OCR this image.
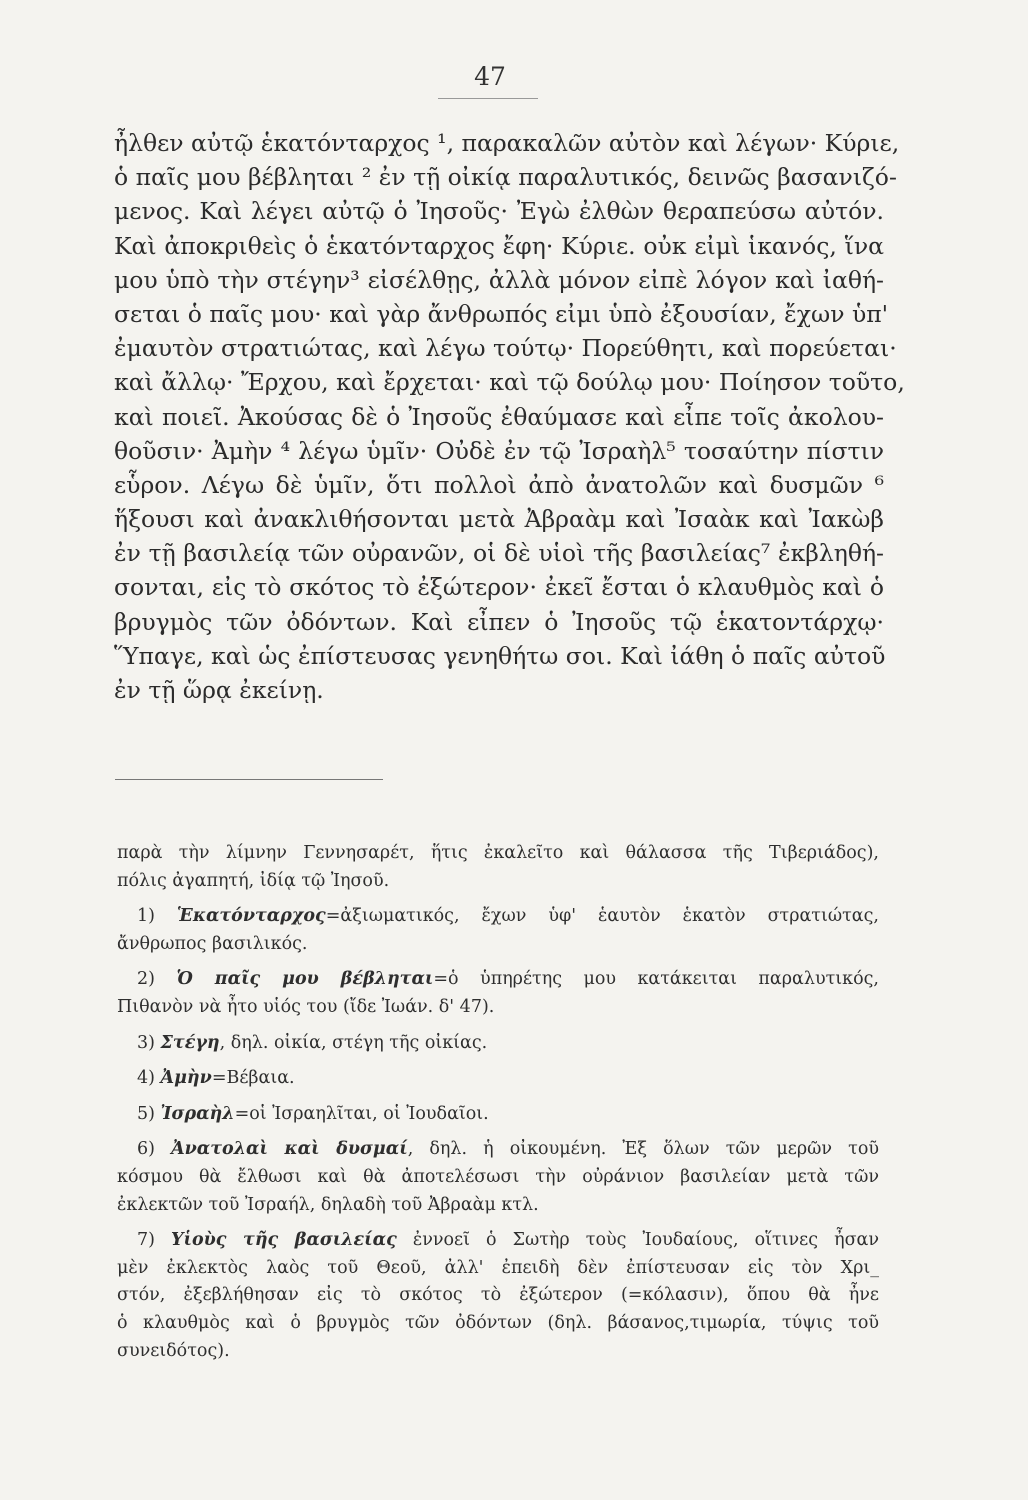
47
ἦλθεν αὐτῷ ἑκατόνταρχος ¹, παρακαλῶν αὐτὸν καὶ λέγων· Κύριε,
ὁ παῖς μου βέβληται ² ἐν τῇ οἰκίᾳ παραλυτικός, δεινῶς βασανιζό-
μενος. Καὶ λέγει αὐτῷ ὁ Ἰησοῦς· Ἐγὼ ἐλθὼν θεραπεύσω αὐτόν.
Καὶ ἀποκριθεὶς ὁ ἑκατόνταρχος ἔφη· Κύριε. οὐκ εἰμὶ ἱκανός, ἵνα
μου ὑπὸ τὴν στέγην³ εἰσέλθῃς, ἀλλὰ μόνον εἰπὲ λόγον καὶ ἰαθή-
σεται ὁ παῖς μου· καὶ γὰρ ἄνθρωπός εἰμι ὑπὸ ἐξουσίαν, ἔχων ὑπ'
ἐμαυτὸν στρατιώτας, καὶ λέγω τούτῳ· Πορεύθητι, καὶ πορεύεται·
καὶ ἄλλῳ· Ἔρχου, καὶ ἔρχεται· καὶ τῷ δούλῳ μου· Ποίησον τοῦτο,
καὶ ποιεῖ. Ἀκούσας δὲ ὁ Ἰησοῦς ἐθαύμασε καὶ εἶπε τοῖς ἀκολου-
θοῦσιν· Ἀμὴν ⁴ λέγω ὑμῖν· Οὐδὲ ἐν τῷ Ἰσραὴλ⁵ τοσαύτην πίστιν
εὗρον. Λέγω δὲ ὑμῖν, ὅτι πολλοὶ ἀπὸ ἀνατολῶν καὶ δυσμῶν ⁶
ἥξουσι καὶ ἀνακλιθήσονται μετὰ Ἀβραὰμ καὶ Ἰσαὰκ καὶ Ἰακὼβ
ἐν τῇ βασιλείᾳ τῶν οὐρανῶν, οἱ δὲ υἱοὶ τῆς βασιλείας⁷ ἐκβληθή-
σονται, εἰς τὸ σκότος τὸ ἐξώτερον· ἐκεῖ ἔσται ὁ κλαυθμὸς καὶ ὁ
βρυγμὸς τῶν ὀδόντων. Καὶ εἶπεν ὁ Ἰησοῦς τῷ ἑκατοντάρχῳ·
Ὕπαγε, καὶ ὡς ἐπίστευσας γενηθήτω σοι. Καὶ ἰάθη ὁ παῖς αὐτοῦ
ἐν τῇ ὥρᾳ ἐκείνῃ.
παρὰ τὴν λίμνην Γεννησαρέτ, ἥτις ἐκαλεῖτο καὶ θάλασσα τῆς Τιβεριάδος),
πόλις ἀγαπητή, ἰδίᾳ τῷ Ἰησοῦ.
1) Ἑκατόνταρχος=ἀξιωματικός, ἔχων ὑφ' ἑαυτὸν ἑκατὸν στρατιώτας,
ἄνθρωπος βασιλικός.
2) Ὁ παῖς μου βέβληται=ὁ ὑπηρέτης μου κατάκειται παραλυτικός,
Πιθανὸν νὰ ἦτο υἱός του (ἴδε Ἰωάν. δ' 47).
3) Στέγη, δηλ. οἰκία, στέγη τῆς οἰκίας.
4) Ἀμὴν=Βέβαια.
5) Ἰσραὴλ=οἱ Ἰσραηλῖται, οἱ Ἰουδαῖοι.
6) Ἀνατολαὶ καὶ δυσμαί, δηλ. ἡ οἰκουμένη. Ἐξ ὅλων τῶν μερῶν τοῦ
κόσμου θὰ ἔλθωσι καὶ θὰ ἀποτελέσωσι τὴν οὐράνιον βασιλείαν μετὰ τῶν
ἐκλεκτῶν τοῦ Ἰσραήλ, δηλαδὴ τοῦ Ἀβραὰμ κτλ.
7) Υἱοὺς τῆς βασιλείας ἐννοεῖ ὁ Σωτὴρ τοὺς Ἰουδαίους, οἵτινες ἦσαν
μὲν ἐκλεκτὸς λαὸς τοῦ Θεοῦ, ἀλλ' ἐπειδὴ δὲν ἐπίστευσαν εἰς τὸν Χρι_
στόν, ἐξεβλήθησαν εἰς τὸ σκότος τὸ ἐξώτερον (=κόλασιν), ὅπου θὰ ἦνε
ὁ κλαυθμὸς καὶ ὁ βρυγμὸς τῶν ὀδόντων (δηλ. βάσανος,τιμωρία, τύψις τοῦ
συνειδότος).
